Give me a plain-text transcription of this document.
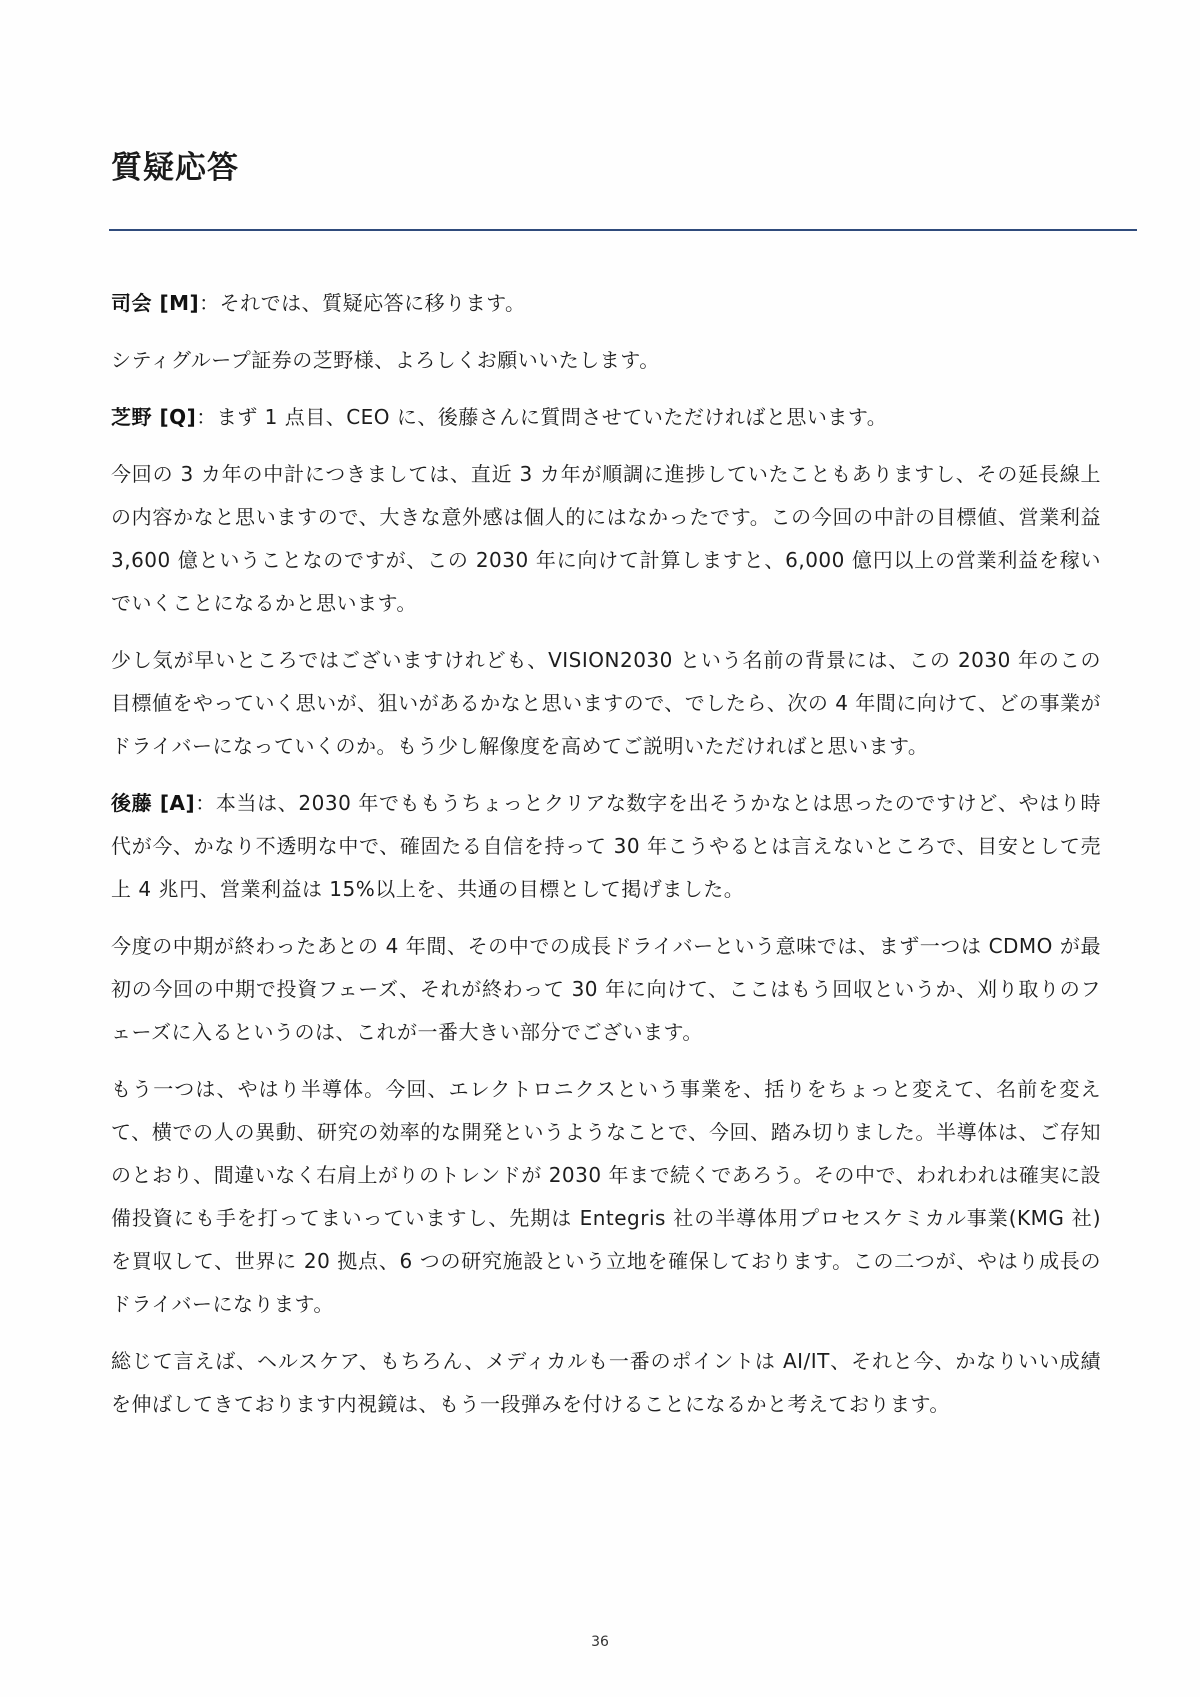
質疑応答

司会 [M]：それでは、質疑応答に移ります。

シティグループ証券の芝野様、よろしくお願いいたします。

芝野 [Q]：まず 1 点目、CEO に、後藤さんに質問させていただければと思います。

今回の 3 カ年の中計につきましては、直近 3 カ年が順調に進捗していたこともありますし、その延長線上の内容かなと思いますので、大きな意外感は個人的にはなかったです。この今回の中計の目標値、営業利益 3,600 億ということなのですが、この 2030 年に向けて計算しますと、6,000 億円以上の営業利益を稼いでいくことになるかと思います。

少し気が早いところではございますけれども、VISION2030 という名前の背景には、この 2030 年のこの目標値をやっていく思いが、狙いがあるかなと思いますので、でしたら、次の 4 年間に向けて、どの事業がドライバーになっていくのか。もう少し解像度を高めてご説明いただければと思います。

後藤 [A]：本当は、2030 年でももうちょっとクリアな数字を出そうかなとは思ったのですけど、やはり時代が今、かなり不透明な中で、確固たる自信を持って 30 年こうやるとは言えないところで、目安として売上 4 兆円、営業利益は 15%以上を、共通の目標として掲げました。

今度の中期が終わったあとの 4 年間、その中での成長ドライバーという意味では、まず一つは CDMO が最初の今回の中期で投資フェーズ、それが終わって 30 年に向けて、ここはもう回収というか、刈り取りのフェーズに入るというのは、これが一番大きい部分でございます。

もう一つは、やはり半導体。今回、エレクトロニクスという事業を、括りをちょっと変えて、名前を変えて、横での人の異動、研究の効率的な開発というようなことで、今回、踏み切りました。半導体は、ご存知のとおり、間違いなく右肩上がりのトレンドが 2030 年まで続くであろう。その中で、われわれは確実に設備投資にも手を打ってまいっていますし、先期は Entegris 社の半導体用プロセスケミカル事業(KMG 社)を買収して、世界に 20 拠点、6 つの研究施設という立地を確保しております。この二つが、やはり成長のドライバーになります。

総じて言えば、ヘルスケア、もちろん、メディカルも一番のポイントは AI/IT、それと今、かなりいい成績を伸ばしてきております内視鏡は、もう一段弾みを付けることになるかと考えております。

36
